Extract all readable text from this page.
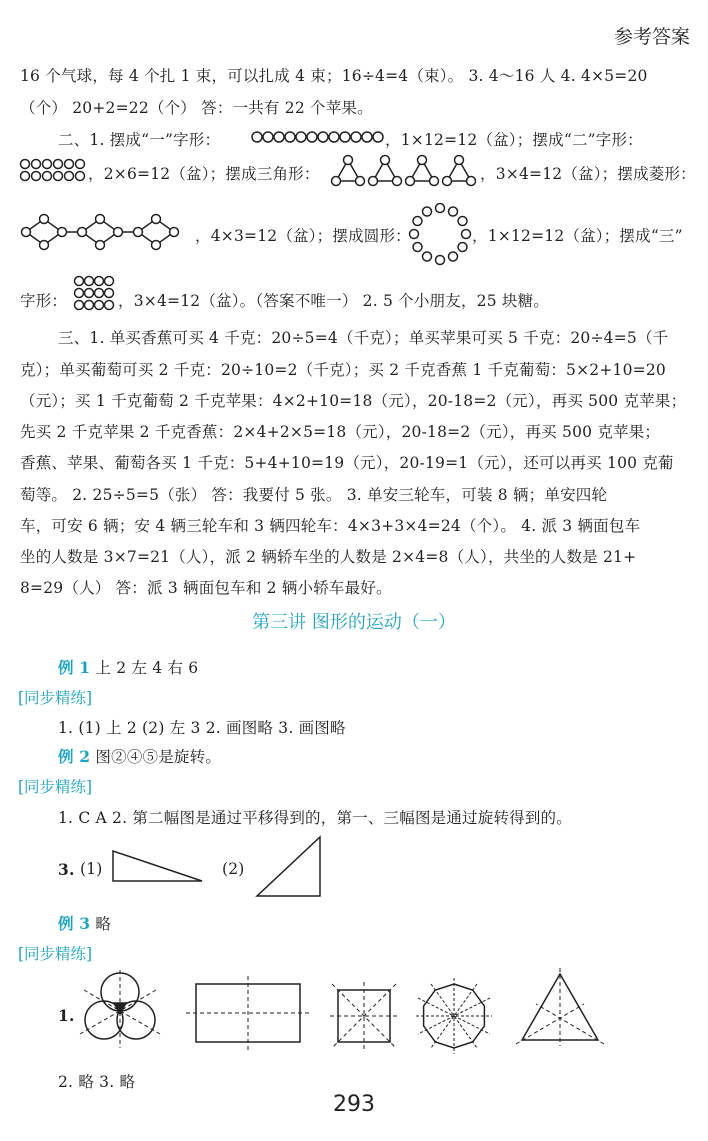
参考答案
16 个气球，每 4 个扎 1 束，可以扎成 4 束；16÷4=4（束）。 3. 4～16 人 4. 4×5=20
（个） 20+2=22（个） 答：一共有 22 个苹果。
二、1. 摆成“一”字形：	，1×12=12（盆）；摆成“二”字形：
，2×6=12（盆）；摆成三角形：	，3×4=12（盆）；摆成菱形：
，4×3=12（盆）；摆成圆形：	，1×12=12（盆）；摆成“三”
字形：	，3×4=12（盆）。（答案不唯一） 2. 5 个小朋友，25 块糖。
三、1. 单买香蕉可买 4 千克：20÷5=4（千克）；单买苹果可买 5 千克：20÷4=5（千
克）；单买葡萄可买 2 千克：20÷10=2（千克）；买 2 千克香蕉 1 千克葡萄：5×2+10=20
（元）；买 1 千克葡萄 2 千克苹果：4×2+10=18（元），20-18=2（元），再买 500 克苹果；
先买 2 千克苹果 2 千克香蕉：2×4+2×5=18（元），20-18=2（元），再买 500 克苹果；
香蕉、苹果、葡萄各买 1 千克：5+4+10=19（元），20-19=1（元），还可以再买 100 克葡
萄等。 2. 25÷5=5（张） 答：我要付 5 张。 3. 单安三轮车，可装 8 辆；单安四轮
车，可安 6 辆；安 4 辆三轮车和 3 辆四轮车：4×3+3×4=24（个）。 4. 派 3 辆面包车
坐的人数是 3×7=21（人），派 2 辆轿车坐的人数是 2×4=8（人），共坐的人数是 21+
8=29（人） 答：派 3 辆面包车和 2 辆小轿车最好。
第三讲 图形的运动（一）
例 1 上 2 左 4 右 6
[同步精练]
1. (1) 上 2 (2) 左 3 2. 画图略 3. 画图略
例 2 图②④⑤是旋转。
[同步精练]
1. C A 2. 第二幅图是通过平移得到的，第一、三幅图是通过旋转得到的。
3. (1)	(2)
例 3 略
[同步精练]
1.
2. 略 3. 略
293
